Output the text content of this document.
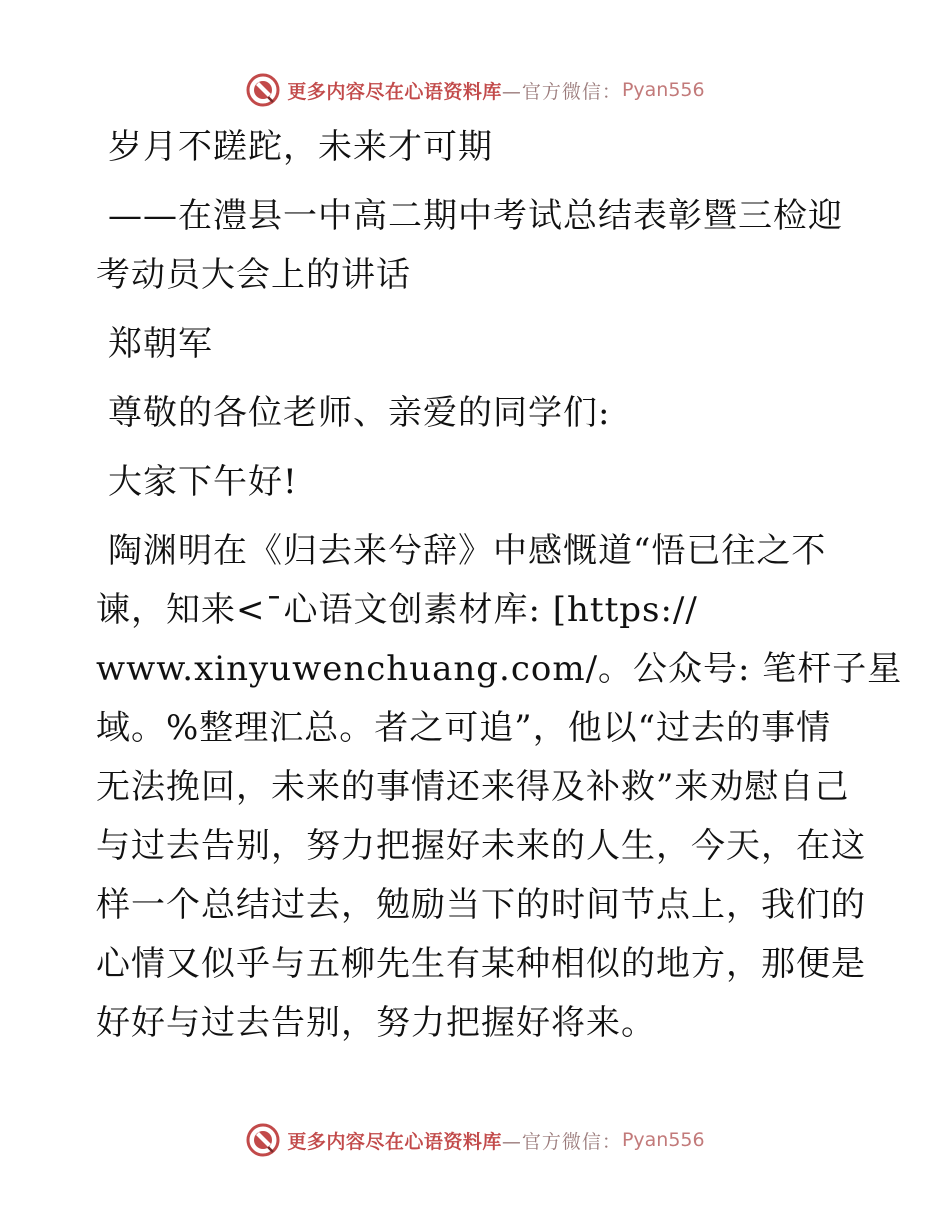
更多内容尽在心语资料库 —官方微信： Pyan556
岁月不蹉跎，未来才可期
——在澧县一中高二期中考试总结表彰暨三检迎
考动员大会上的讲话
郑朝军
尊敬的各位老师、亲爱的同学们:
大家下午好!
陶渊明在《归去来兮辞》中感慨道“悟已往之不
谏，知来<¯心语文创素材库: [https://
www.xinyuwenchuang.com/。公众号: 笔杆子星
域。%整理汇总。者之可追”，他以“过去的事情
无法挽回，未来的事情还来得及补救”来劝慰自己
与过去告别，努力把握好未来的人生，今天，在这
样一个总结过去，勉励当下的时间节点上，我们的
心情又似乎与五柳先生有某种相似的地方，那便是
好好与过去告别，努力把握好将来。
更多内容尽在心语资料库 —官方微信： Pyan556
